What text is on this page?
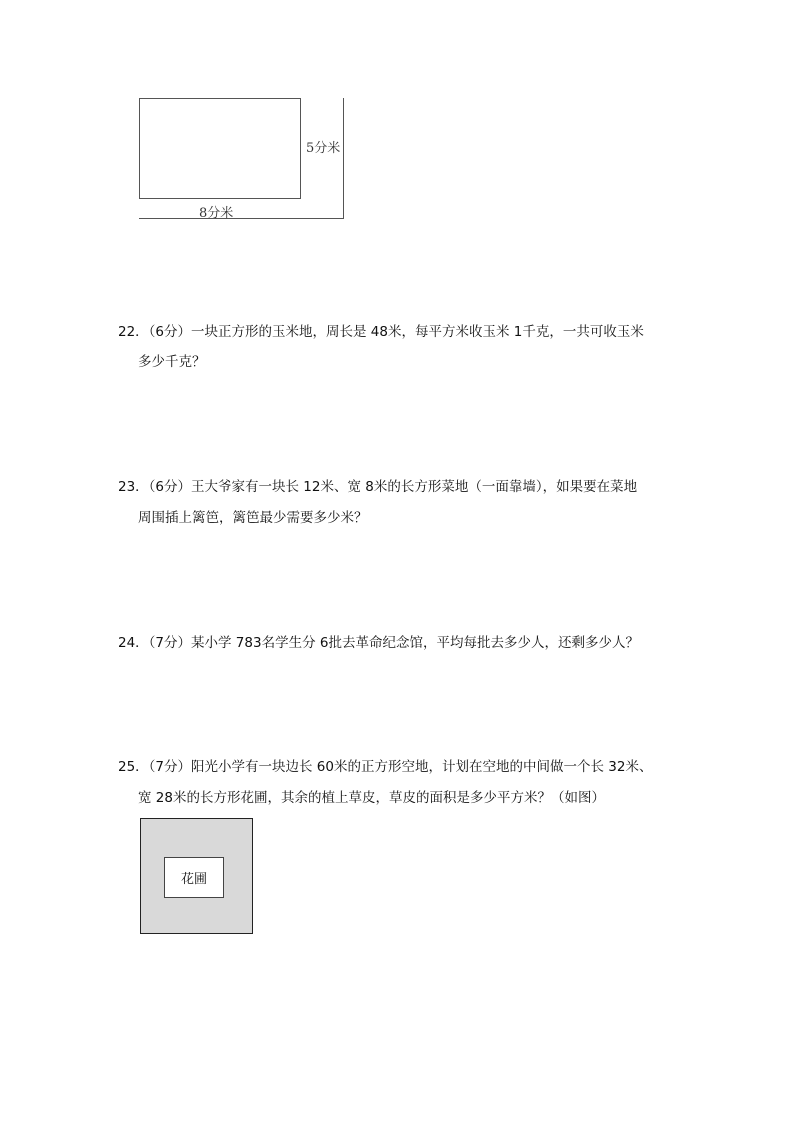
5分米
8分米
22．（6分）一块正方形的玉米地，周长是 48米，每平方米收玉米 1千克，一共可收玉米
多少千克？
23．（6分）王大爷家有一块长 12米、宽 8米的长方形菜地（一面靠墙），如果要在菜地
周围插上篱笆，篱笆最少需要多少米？
24．（7分）某小学 783名学生分 6批去革命纪念馆，平均每批去多少人，还剩多少人？
25．（7分）阳光小学有一块边长 60米的正方形空地，计划在空地的中间做一个长 32米、
宽 28米的长方形花圃，其余的植上草皮，草皮的面积是多少平方米？（如图）
花圃
